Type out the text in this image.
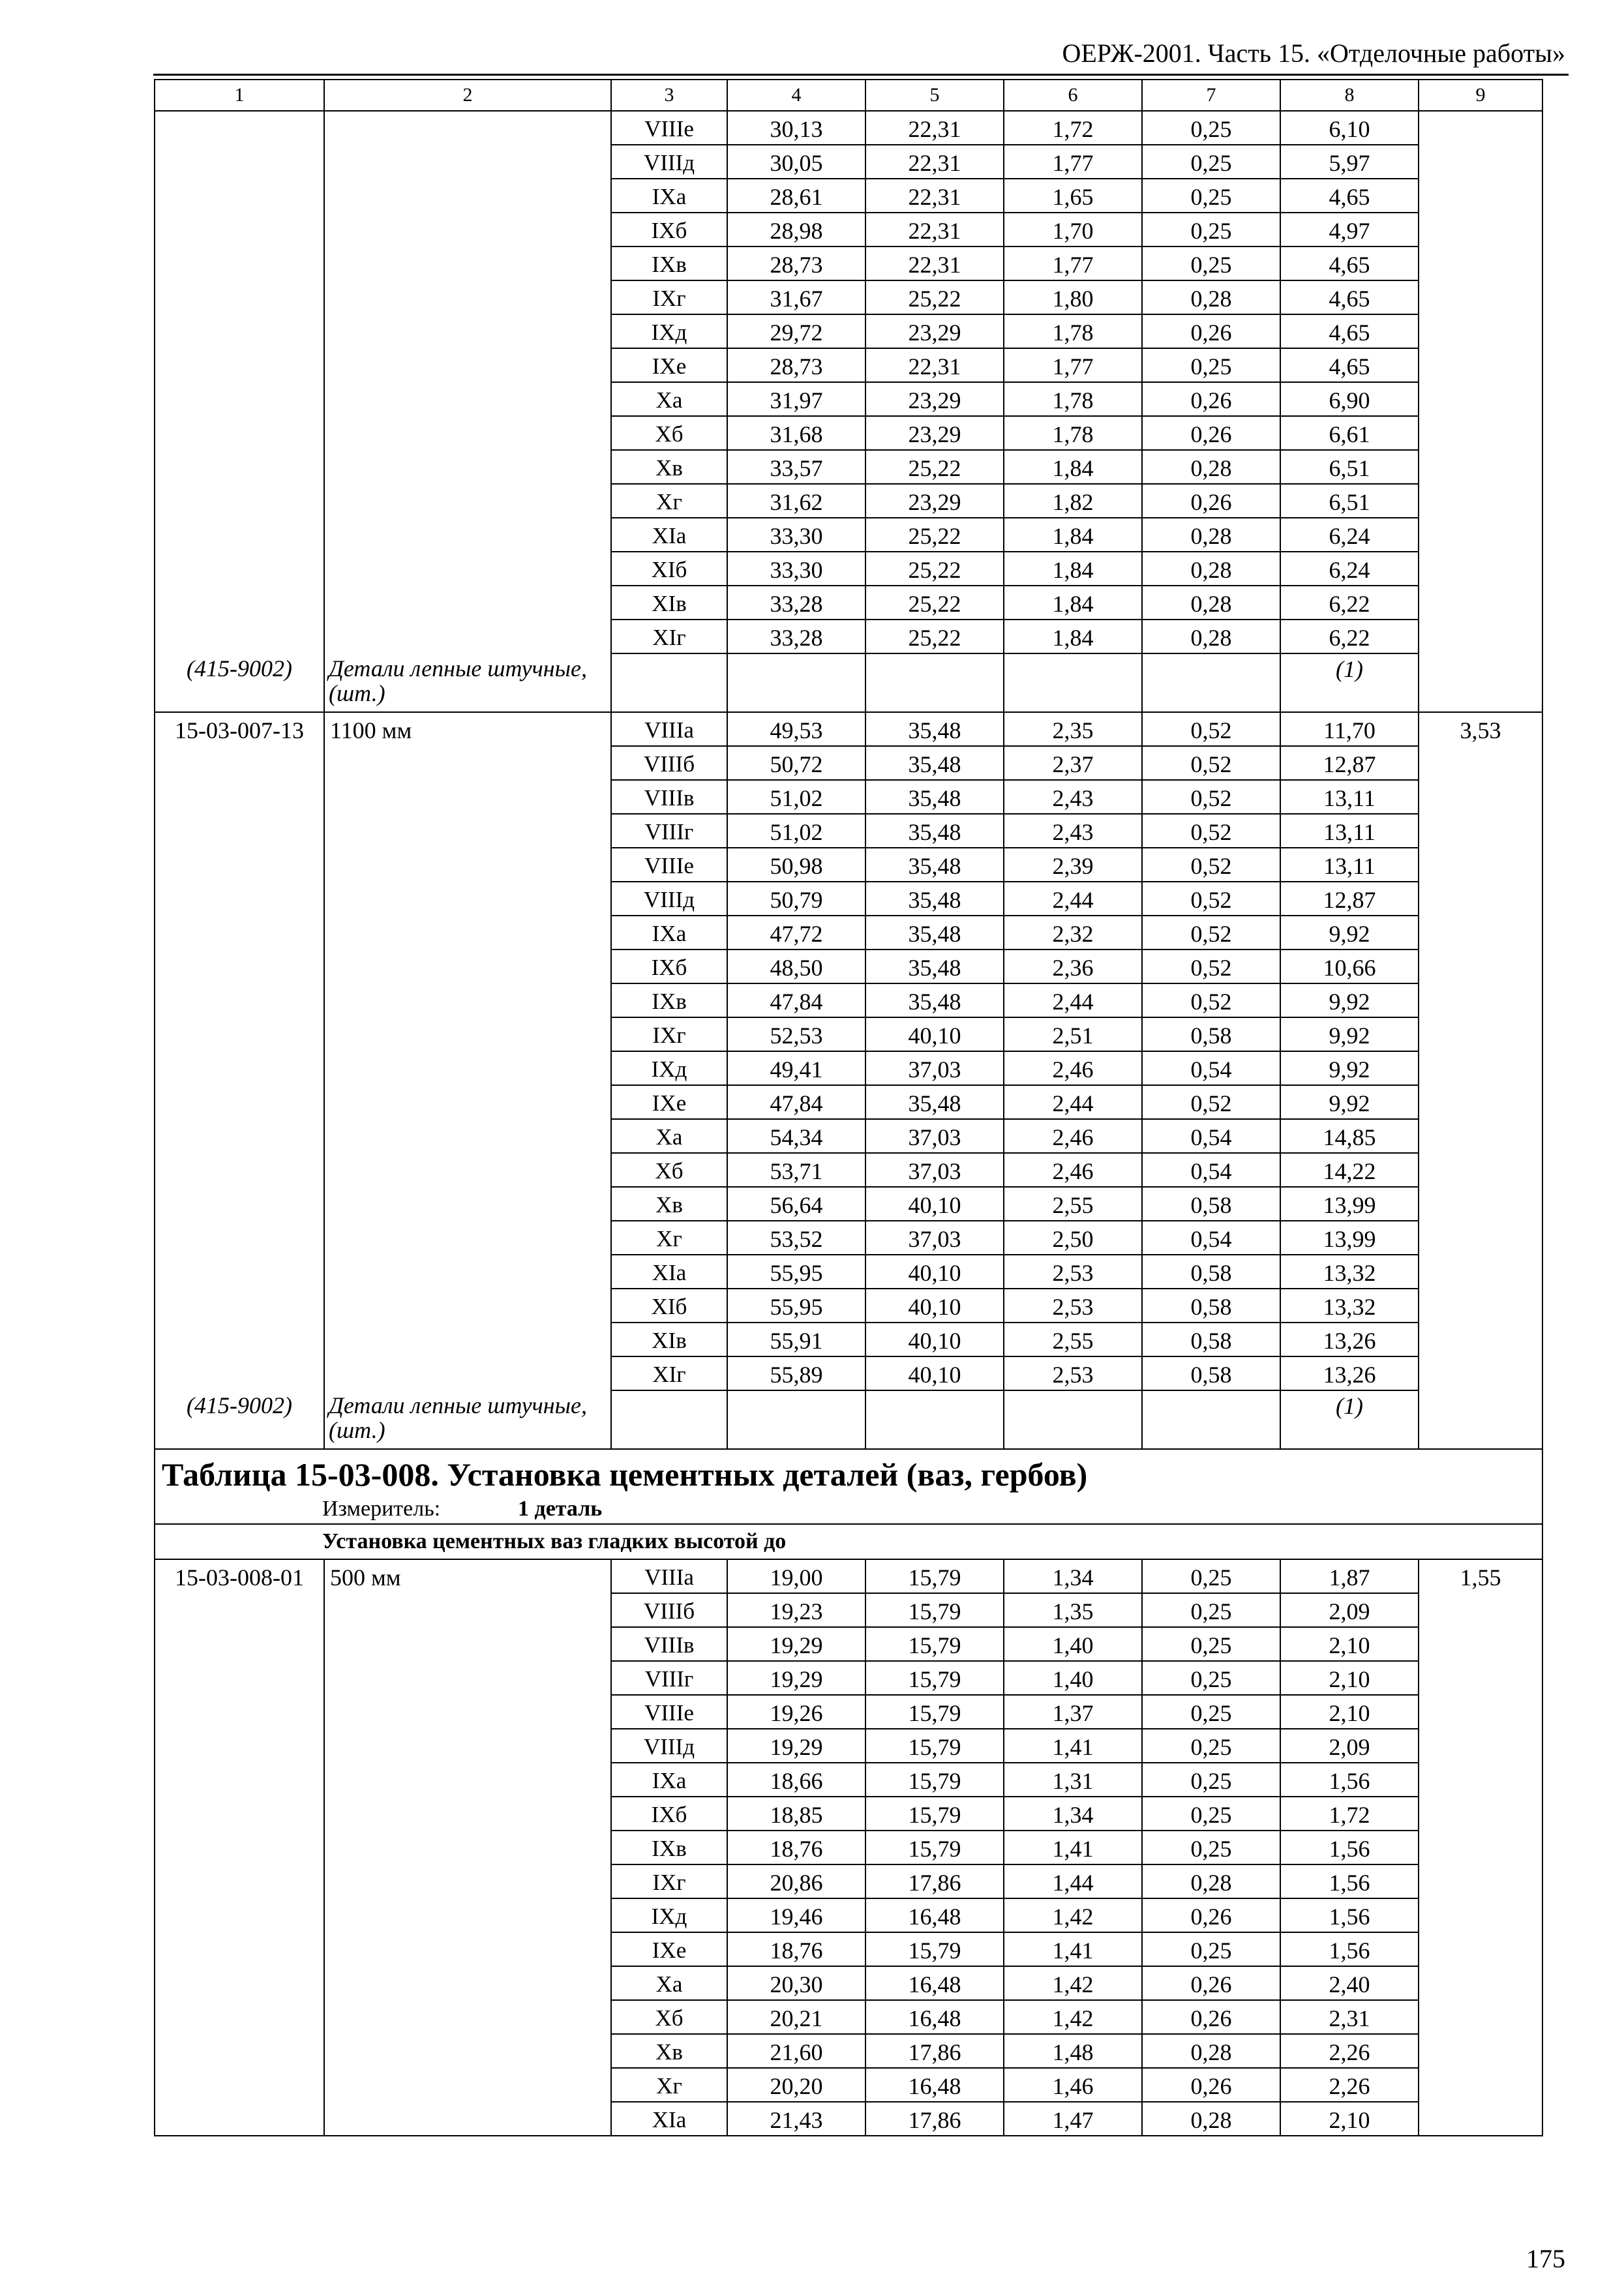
ОЕРЖ-2001. Часть 15. «Отделочные работы»
1	2	3	4	5	6	7	8	9
		VIIIе	30,13	22,31	1,72	0,25	6,10	
		VIIIд	30,05	22,31	1,77	0,25	5,97	
		IXа	28,61	22,31	1,65	0,25	4,65	
		IXб	28,98	22,31	1,70	0,25	4,97	
		IXв	28,73	22,31	1,77	0,25	4,65	
		IXг	31,67	25,22	1,80	0,28	4,65	
		IXд	29,72	23,29	1,78	0,26	4,65	
		IXе	28,73	22,31	1,77	0,25	4,65	
		Xа	31,97	23,29	1,78	0,26	6,90	
		Xб	31,68	23,29	1,78	0,26	6,61	
		Xв	33,57	25,22	1,84	0,28	6,51	
		Xг	31,62	23,29	1,82	0,26	6,51	
		XIа	33,30	25,22	1,84	0,28	6,24	
		XIб	33,30	25,22	1,84	0,28	6,24	
		XIв	33,28	25,22	1,84	0,28	6,22	
		XIг	33,28	25,22	1,84	0,28	6,22	
(415-9002)	Детали лепные штучные, (шт.)						(1)	
15-03-007-13	1100 мм	VIIIа	49,53	35,48	2,35	0,52	11,70	3,53
		VIIIб	50,72	35,48	2,37	0,52	12,87	
		VIIIв	51,02	35,48	2,43	0,52	13,11	
		VIIIг	51,02	35,48	2,43	0,52	13,11	
		VIIIе	50,98	35,48	2,39	0,52	13,11	
		VIIIд	50,79	35,48	2,44	0,52	12,87	
		IXа	47,72	35,48	2,32	0,52	9,92	
		IXб	48,50	35,48	2,36	0,52	10,66	
		IXв	47,84	35,48	2,44	0,52	9,92	
		IXг	52,53	40,10	2,51	0,58	9,92	
		IXд	49,41	37,03	2,46	0,54	9,92	
		IXе	47,84	35,48	2,44	0,52	9,92	
		Xа	54,34	37,03	2,46	0,54	14,85	
		Xб	53,71	37,03	2,46	0,54	14,22	
		Xв	56,64	40,10	2,55	0,58	13,99	
		Xг	53,52	37,03	2,50	0,54	13,99	
		XIа	55,95	40,10	2,53	0,58	13,32	
		XIб	55,95	40,10	2,53	0,58	13,32	
		XIв	55,91	40,10	2,55	0,58	13,26	
		XIг	55,89	40,10	2,53	0,58	13,26	
(415-9002)	Детали лепные штучные, (шт.)						(1)	
Таблица 15-03-008. Установка цементных деталей (ваз, гербов)								
Измеритель: 1 деталь								
Установка цементных ваз гладких высотой до								
15-03-008-01	500 мм	VIIIа	19,00	15,79	1,34	0,25	1,87	1,55
		VIIIб	19,23	15,79	1,35	0,25	2,09	
		VIIIв	19,29	15,79	1,40	0,25	2,10	
		VIIIг	19,29	15,79	1,40	0,25	2,10	
		VIIIе	19,26	15,79	1,37	0,25	2,10	
		VIIIд	19,29	15,79	1,41	0,25	2,09	
		IXа	18,66	15,79	1,31	0,25	1,56	
		IXб	18,85	15,79	1,34	0,25	1,72	
		IXв	18,76	15,79	1,41	0,25	1,56	
		IXг	20,86	17,86	1,44	0,28	1,56	
		IXд	19,46	16,48	1,42	0,26	1,56	
		IXе	18,76	15,79	1,41	0,25	1,56	
		Xа	20,30	16,48	1,42	0,26	2,40	
		Xб	20,21	16,48	1,42	0,26	2,31	
		Xв	21,60	17,86	1,48	0,28	2,26	
		Xг	20,20	16,48	1,46	0,26	2,26	
		XIа	21,43	17,86	1,47	0,28	2,10	
175
